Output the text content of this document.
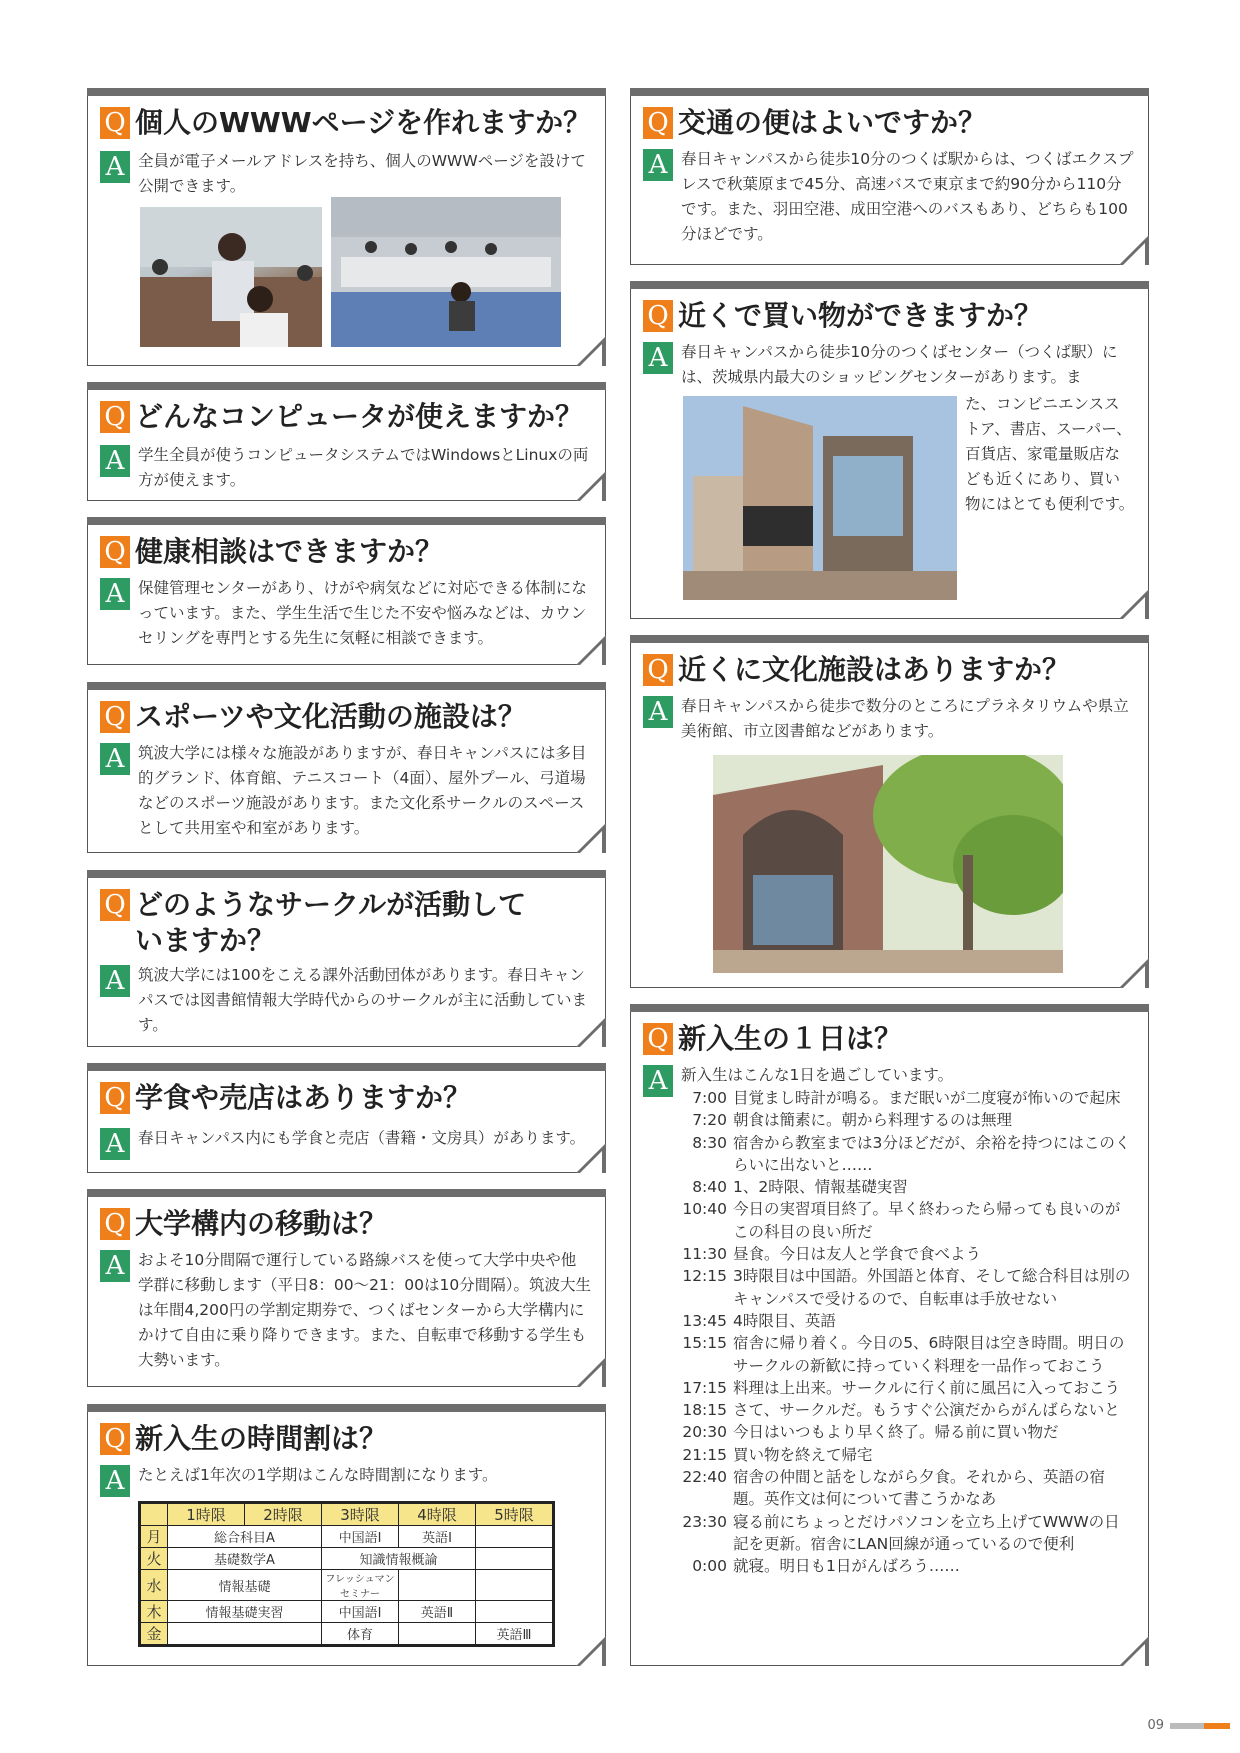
Q 個人のWWWページを作れますか？
A 全員が電子メールアドレスを持ち、個人のWWWページを設けて公開できます。
Q どんなコンピュータが使えますか？
A 学生全員が使うコンピュータシステムではWindowsとLinuxの両方が使えます。
Q 健康相談はできますか？
A 保健管理センターがあり、けがや病気などに対応できる体制になっています。また、学生生活で生じた不安や悩みなどは、カウンセリングを専門とする先生に気軽に相談できます。
Q スポーツや文化活動の施設は？
A 筑波大学には様々な施設がありますが、春日キャンパスには多目的グランド、体育館、テニスコート（4面）、屋外プール、弓道場などのスポーツ施設があります。また文化系サークルのスペースとして共用室や和室があります。
Q どのようなサークルが活動していますか？
A 筑波大学には100をこえる課外活動団体があります。春日キャンパスでは図書館情報大学時代からのサークルが主に活動しています。
Q 学食や売店はありますか？
A 春日キャンパス内にも学食と売店（書籍・文房具）があります。
Q 大学構内の移動は？
A およそ10分間隔で運行している路線バスを使って大学中央や他学群に移動します（平日8：00〜21：00は10分間隔）。筑波大生は年間4,200円の学割定期券で、つくばセンターから大学構内にかけて自由に乗り降りできます。また、自転車で移動する学生も大勢います。
Q 新入生の時間割は？
A たとえば1年次の1学期はこんな時間割になります。
	1時限	2時限	3時限	4時限	5時限
月	総合科目A		中国語Ⅰ	英語Ⅰ	
火	基礎数学A		知識情報概論		
水	情報基礎		フレッシュマンセミナー		
木	情報基礎実習		中国語Ⅰ	英語Ⅱ	
金			体育		英語Ⅲ
Q 交通の便はよいですか？
A 春日キャンパスから徒歩10分のつくば駅からは、つくばエクスプレスで秋葉原まで45分、高速バスで東京まで約90分から110分です。また、羽田空港、成田空港へのバスもあり、どちらも100分ほどです。
Q 近くで買い物ができますか？
A 春日キャンパスから徒歩10分のつくばセンター（つくば駅）には、茨城県内最大のショッピングセンターがあります。ま
た、コンビニエンスストア、書店、スーパー、百貨店、家電量販店なども近くにあり、買い物にはとても便利です。
Q 近くに文化施設はありますか？
A 春日キャンパスから徒歩で数分のところにプラネタリウムや県立美術館、市立図書館などがあります。
Q 新入生の１日は？
A 新入生はこんな1日を過ごしています。
7:00 目覚まし時計が鳴る。まだ眠いが二度寝が怖いので起床
7:20 朝食は簡素に。朝から料理するのは無理
8:30 宿舎から教室までは3分ほどだが、余裕を持つにはこのくらいに出ないと……
8:40 1、2時限、情報基礎実習
10:40 今日の実習項目終了。早く終わったら帰っても良いのがこの科目の良い所だ
11:30 昼食。今日は友人と学食で食べよう
12:15 3時限目は中国語。外国語と体育、そして総合科目は別のキャンパスで受けるので、自転車は手放せない
13:45 4時限目、英語
15:15 宿舎に帰り着く。今日の5、6時限目は空き時間。明日のサークルの新歓に持っていく料理を一品作っておこう
17:15 料理は上出来。サークルに行く前に風呂に入っておこう
18:15 さて、サークルだ。もうすぐ公演だからがんばらないと
20:30 今日はいつもより早く終了。帰る前に買い物だ
21:15 買い物を終えて帰宅
22:40 宿舎の仲間と話をしながら夕食。それから、英語の宿題。英作文は何について書こうかなあ
23:30 寝る前にちょっとだけパソコンを立ち上げてWWWの日記を更新。宿舎にLAN回線が通っているので便利
0:00 就寝。明日も1日がんばろう……
09
